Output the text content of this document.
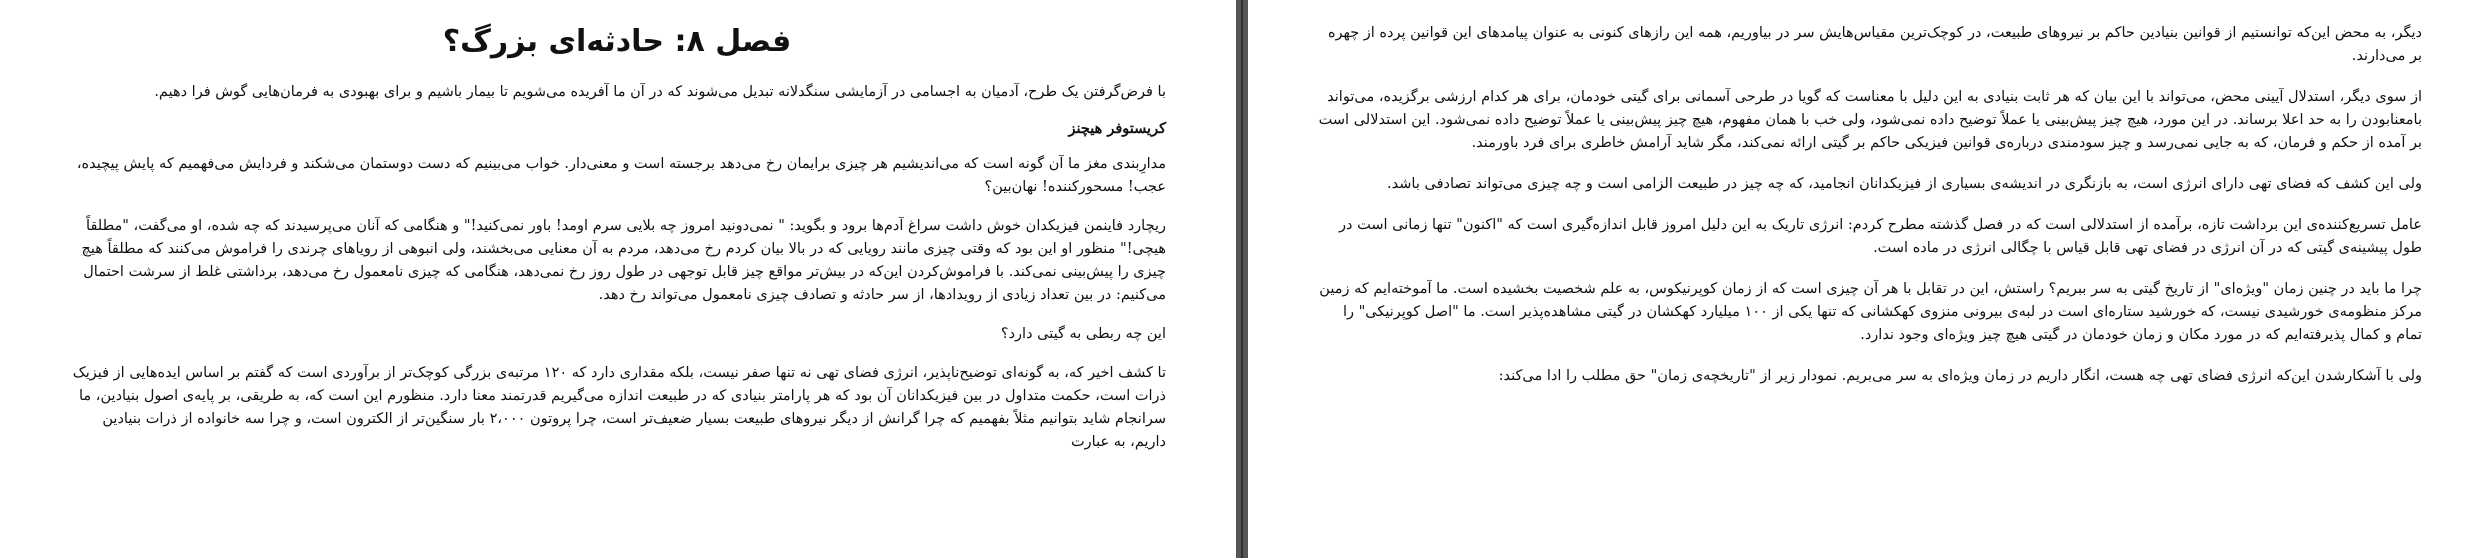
فصل ۸: حادثه‌ای بزرگ؟

با فرض‌گرفتن یک طرح، آدمیان به اجسامی در آزمایشی سنگدلانه تبدیل می‌شوند که در آن ما آفریده می‌شویم تا بیمار باشیم و برای بهبودی به فرمان‌هایی گوش فرا دهیم.

کریستوفر هیچنز

مدارِبندی مغز ما آن گونه است که می‌اندیشیم هر چیزی برایمان رخ می‌دهد برجسته است و معنی‌دار. خواب می‌بینیم که دست دوستمان می‌شکند و فردایش می‌فهمیم که پایش پیچیده، عجب! مسحورکننده! نهان‌بین؟

ریچارد فاینمن فیزیکدان خوش داشت سراغ آدم‌ها برود و بگوید: " نمی‌دونید امروز چه بلایی سرم اومد! باور نمی‌کنید!" و هنگامی که آنان می‌پرسیدند که چه شده، او می‌گفت، "مطلقاً هیچی!" منظور او این بود که وقتی چیزی مانند رویایی که در بالا بیان کردم رخ می‌دهد، مردم به آن معنایی می‌بخشند، ولی انبوهی از رویاهای چرندی را فراموش می‌کنند که مطلقاً هیچ چیزی را پیش‌بینی نمی‌کند. با فراموش‌کردن این‌که در بیش‌تر مواقع چیز قابل توجهی در طول روز رخ نمی‌دهد، هنگامی که چیزی نامعمول رخ می‌دهد، برداشتی غلط از سرشت احتمال می‌کنیم: در بین تعداد زیادی از رویدادها، از سر حادثه و تصادف چیزی نامعمول می‌تواند رخ دهد.

این چه ربطی به گیتی دارد؟

تا کشف اخیر که، به گونه‌ای توضیح‌ناپذیر، انرژی فضای تهی نه تنها صفر نیست، بلکه مقداری دارد که ۱۲۰ مرتبه‌ی بزرگی کوچک‌تر از برآوردی است که گفتم بر اساس ایده‌هایی از فیزیک ذرات است، حکمت متداول در بین فیزیکدانان آن بود که هر پارامتر بنیادی که در طبیعت اندازه می‌گیریم قدرتمند معنا دارد. منظورم این است که، به طریقی، بر پایه‌ی اصول بنیادین، ما سرانجام شاید بتوانیم مثلاً بفهمیم که چرا گرانش از دیگر نیروهای طبیعت بسیار ضعیف‌تر است، چرا پروتون ۲،۰۰۰ بار سنگین‌تر از الکترون است، و چرا سه خانواده از ذرات بنیادین داریم، به عبارت

دیگر، به محض این‌که توانستیم از قوانین بنیادین حاکم بر نیروهای طبیعت، در کوچک‌ترین مقیاس‌هایش سر در بیاوریم، همه این رازهای کنونی به عنوان پیامدهای این قوانین پرده از چهره بر می‌دارند.

از سوی دیگر، استدلال آیینی محض، می‌تواند با این بیان که هر ثابت بنیادی به این دلیل با معناست که گویا در طرحی آسمانی برای گیتی خودمان، برای هر کدام ارزشی برگزیده، می‌تواند بامعنابودن را به حد اعلا برساند. در این مورد، هیچ چیز پیش‌بینی یا عملاً توضیح داده نمی‌شود، ولی خب با همان مفهوم، هیچ چیز پیش‌بینی یا عملاً توضیح داده نمی‌شود. این استدلالی است بر آمده از حکم و فرمان، که به جایی نمی‌رسد و چیز سودمندی درباره‌ی قوانین فیزیکی حاکم بر گیتی ارائه نمی‌کند، مگر شاید آرامش خاطری برای فرد باورمند.

ولی این کشف که فضای تهی دارای انرژی است، به بازنگری در اندیشه‌ی بسیاری از فیزیکدانان انجامید، که چه چیز در طبیعت الزامی است و چه چیزی می‌تواند تصادفی باشد.

عامل تسریع‌کننده‌ی این برداشت تازه، برآمده از استدلالی است که در فصل گذشته مطرح کردم: انرژی تاریک به این دلیل امروز قابل اندازه‌گیری است که "اکنون" تنها زمانی است در طول پیشینه‌ی گیتی که در آن انرژی در فضای تهی قابل قیاس با چگالی انرژی در ماده است.

چرا ما باید در چنین زمان "ویژه‌ای" از تاریخ گیتی به سر ببریم؟ راستش، این در تقابل با هر آن چیزی است که از زمان کوپرنیکوس، به علم شخصیت بخشیده است. ما آموخته‌ایم که زمین مرکز منظومه‌ی خورشیدی نیست، که خورشید ستاره‌ای است در لبه‌ی بیرونی منزوی کهکشانی که تنها یکی از ۱۰۰ میلیارد کهکشان در گیتی مشاهده‌پذیر است. ما "اصل کوپرنیکی" را تمام و کمال پذیرفته‌ایم که در مورد مکان و زمان خودمان در گیتی هیچ چیز ویژه‌ای وجود ندارد.

ولی با آشکارشدن این‌که انرژی فضای تهی چه هست، انگار داریم در زمان ویژه‌ای به سر می‌بریم. نمودار زیر از "تاریخچه‌ی زمان" حق مطلب را ادا می‌کند:
